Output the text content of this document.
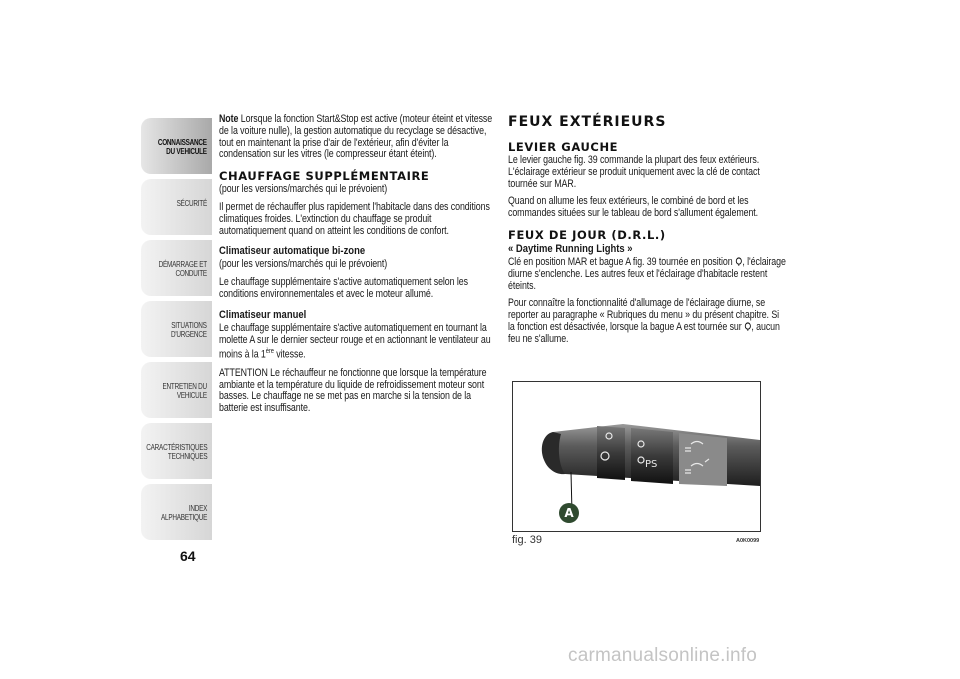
CONNAISSANCE
DU VEHICULE
SÉCURITÉ
DÉMARRAGE ET
CONDUITE
SITUATIONS
D'URGENCE
ENTRETIEN DU
VEHICULE
CARACTÉRISTIQUES
TECHNIQUES
INDEX
ALPHABETIQUE
64

Note Lorsque la fonction Start&Stop est active (moteur éteint et vitesse de la voiture nulle), la gestion automatique du recyclage se désactive, tout en maintenant la prise d'air de l'extérieur, afin d'éviter la condensation sur les vitres (le compresseur étant éteint).

CHAUFFAGE SUPPLÉMENTAIRE

(pour les versions/marchés qui le prévoient)

Il permet de réchauffer plus rapidement l'habitacle dans des conditions climatiques froides. L'extinction du chauffage se produit automatiquement quand on atteint les conditions de confort.

Climatiseur automatique bi-zone

(pour les versions/marchés qui le prévoient)

Le chauffage supplémentaire s'active automatiquement selon les conditions environnementales et avec le moteur allumé.

Climatiseur manuel

Le chauffage supplémentaire s'active automatiquement en tournant la molette A sur le dernier secteur rouge et en actionnant le ventilateur au moins à la 1ère vitesse.

ATTENTION Le réchauffeur ne fonctionne que lorsque la température ambiante et la température du liquide de refroidissement moteur sont basses. Le chauffage ne se met pas en marche si la tension de la batterie est insuffisante.

FEUX EXTÉRIEURS
LEVIER GAUCHE

Le levier gauche fig. 39 commande la plupart des feux extérieurs. L'éclairage extérieur se produit uniquement avec la clé de contact tournée sur MAR.

Quand on allume les feux extérieurs, le combiné de bord et les commandes situées sur le tableau de bord s'allument également.

FEUX DE JOUR (D.R.L.)
« Daytime Running Lights »

Clé en position MAR et bague A fig. 39 tournée en position , l'éclairage diurne s'enclenche. Les autres feux et l'éclairage d'habitacle restent éteints.

Pour connaître la fonctionnalité d'allumage de l'éclairage diurne, se reporter au paragraphe « Rubriques du menu » du présent chapitre. Si la fonction est désactivée, lorsque la bague A est tournée sur , aucun feu ne s'allume.

PS
A
fig. 39	A0K0099
carmanualsonline.info
